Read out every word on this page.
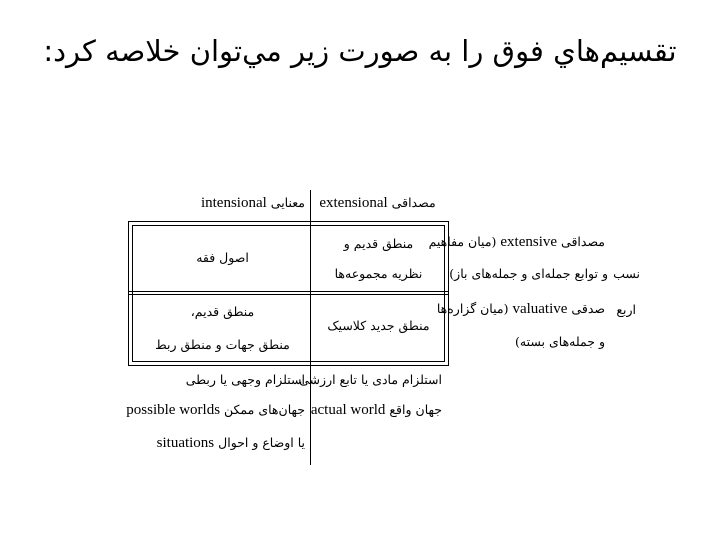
تقسيم‌هاي فوق را به صورت زير مي‌توان خلاصه كرد:
مصداقی extensional
معنایی intensional
مصداقی extensive (میان مفاهیم
و توابع جمله‌ای و جمله‌های باز) نسب
اربع
منطق قدیم و
نظریه مجموعه‌ها
اصول فقه
صدقی valuative (میان گزاره‌ها
و جمله‌های بسته)
منطق جدید کلاسیک
منطق قدیم،
منطق جهات و منطق ربط
استلزام مادی یا تابع ارزشی
جهان واقع actual world
استلزام وجهی یا ربطی
جهان‌های ممکن possible worlds
یا اوضاع و احوال situations
